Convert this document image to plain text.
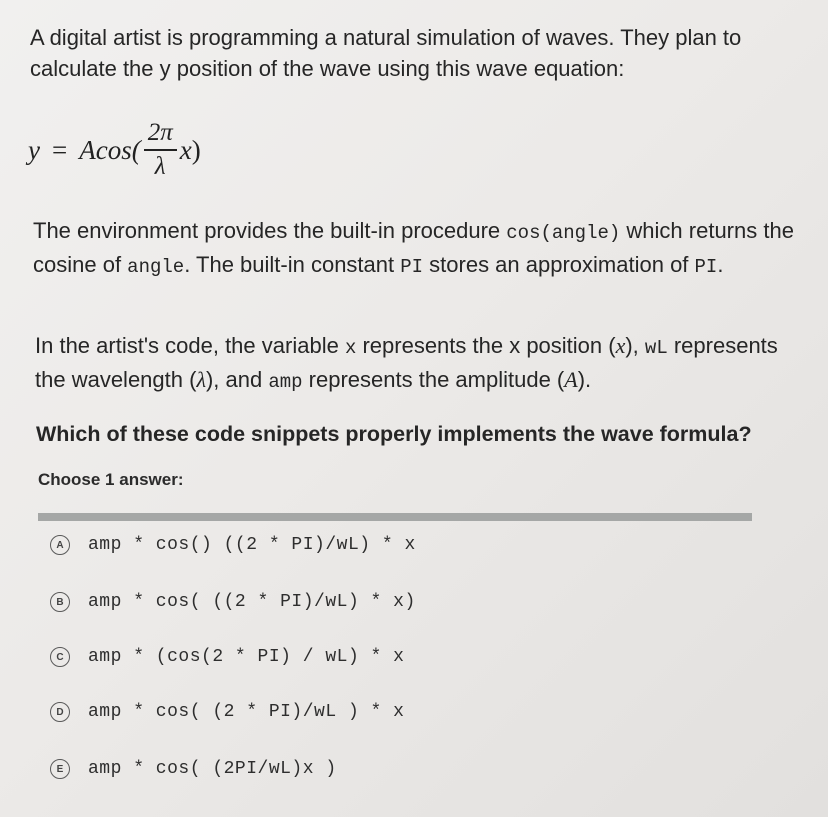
A digital artist is programming a natural simulation of waves. They plan to calculate the y position of the wave using this wave equation:
$y = Acos( \frac{2\pi}{\lambda}$ x )
The environment provides the built-in procedure cos(angle) which returns the cosine of angle. The built-in constant PI stores an approximation of PI.
In the artist's code, the variable x represents the x position (x), wL represents the wavelength (λ), and amp represents the amplitude (A).
Which of these code snippets properly implements the wave formula?
Choose 1 answer:
A	amp * cos() ((2 * PI)/wL) * x
B	amp * cos( ((2 * PI)/wL) * x)
C	amp * (cos(2 * PI) / wL) * x
D	amp * cos( (2 * PI)/wL ) * x
E	amp * cos( (2PI/wL)x )
